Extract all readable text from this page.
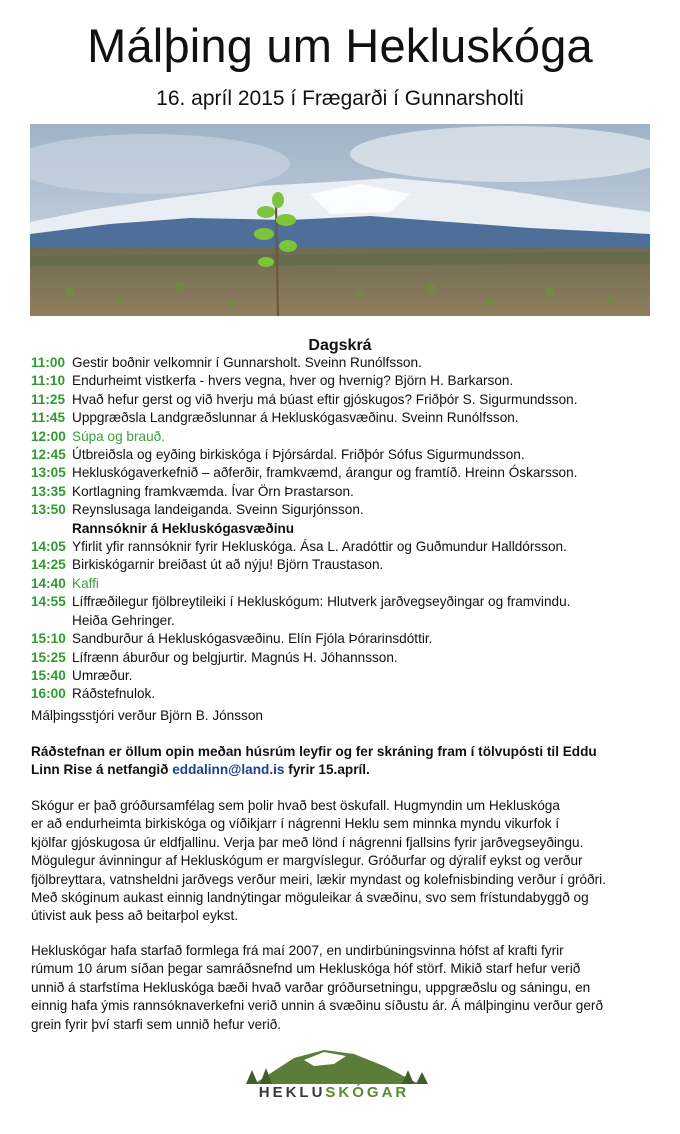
Málþing um Hekluskóga
16. apríl 2015 í Frægarði í Gunnarsholti
Dagskrá
11:00 Gestir boðnir velkomnir í Gunnarsholt. Sveinn Runólfsson.
11:10 Endurheimt vistkerfa - hvers vegna, hver og hvernig? Björn H. Barkarson.
11:25 Hvað hefur gerst og við hverju má búast eftir gjóskugos? Friðþór S. Sigurmundsson.
11:45 Uppgræðsla Landgræðslunnar á Hekluskógasvæðinu. Sveinn Runólfsson.
12:00 Súpa og brauð.
12:45 Útbreiðsla og eyðing birkiskóga í Þjórsárdal. Friðþór Sófus Sigurmundsson.
13:05 Hekluskógaverkefnið – aðferðir, framkvæmd, árangur og framtíð. Hreinn Óskarsson.
13:35 Kortlagning framkvæmda. Ívar Örn Þrastarson.
13:50 Reynslusaga landeiganda. Sveinn Sigurjónsson.
Rannsóknir á Hekluskógasvæðinu
14:05 Yfirlit yfir rannsóknir fyrir Hekluskóga. Ása L. Aradóttir og Guðmundur Halldórsson.
14:25 Birkiskógarnir breiðast út að nýju! Björn Traustason.
14:40 Kaffi
14:55 Líffræðilegur fjölbreytileiki í Hekluskógum: Hlutverk jarðvegseyðingar og framvindu.
Heiða Gehringer.
15:10 Sandburður á Hekluskógasvæðinu. Elín Fjóla Þórarinsdóttir.
15:25 Lífrænn áburður og belgjurtir. Magnús H. Jóhannsson.
15:40 Umræður.
16:00 Ráðstefnulok.
Málþingsstjóri verður Björn B. Jónsson
Ráðstefnan er öllum opin meðan húsrúm leyfir og fer skráning fram í tölvupósti til Eddu
Linn Rise á netfangið eddalinn@land.is fyrir 15.apríl.
Skógur er það gróðursamfélag sem þolir hvað best öskufall. Hugmyndin um Hekluskóga
er að endurheimta birkiskóga og víðikjarr í nágrenni Heklu sem minnka myndu vikurfok í
kjölfar gjóskugosa úr eldfjallinu. Verja þar með lönd í nágrenni fjallsins fyrir jarðvegseyðingu.
Mögulegur ávinningur af Hekluskógum er margvíslegur. Gróðurfar og dýralíf eykst og verður
fjölbreyttara, vatnsheldni jarðvegs verður meiri, lækir myndast og kolefnisbinding verður í gróðri.
Með skóginum aukast einnig landnýtingar möguleikar á svæðinu, svo sem frístundabyggð og
útivist auk þess að beitarþol eykst.
Hekluskógar hafa starfað formlega frá maí 2007, en undirbúningsvinna hófst af krafti fyrir
rúmum 10 árum síðan þegar samráðsnefnd um Hekluskóga hóf störf. Mikið starf hefur verið
unnið á starfstíma Hekluskóga bæði hvað varðar gróðursetningu, uppgræðslu og sáningu, en
einnig hafa ýmis rannsóknaverkefni verið unnin á svæðinu síðustu ár. Á málþinginu verður gerð
grein fyrir því starfi sem unnið hefur verið.
HEKLUSKÓGAR
